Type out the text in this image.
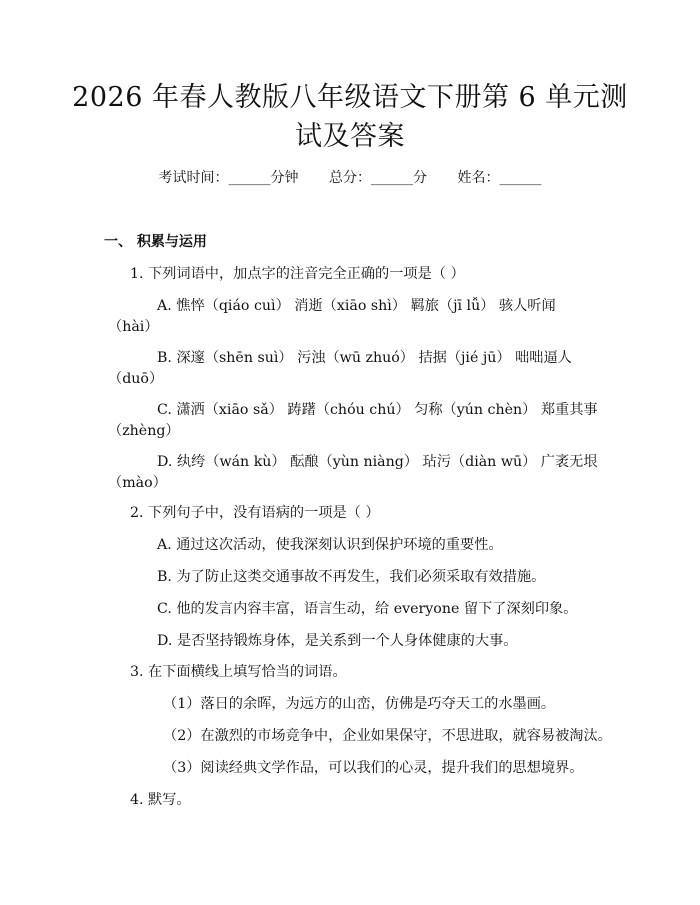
2026 年春人教版八年级语文下册第 6 单元测
试及答案
考试时间：______分钟 总分：______分 姓名：______
一、 积累与运用
1. 下列词语中，加点字的注音完全正确的一项是（ ）
A. 憔悴（qiáo cuì） 消逝（xiāo shì） 羁旅（jī lǚ） 骇人听闻
（hài）
B. 深邃（shēn suì） 污浊（wū zhuó） 拮据（jié jū） 咄咄逼人
（duō）
C. 潇洒（xiāo sǎ） 踌躇（chóu chú） 匀称（yún chèn） 郑重其事
（zhèng）
D. 纨绔（wán kù） 酝酿（yùn niàng） 玷污（diàn wū） 广袤无垠
（mào）
2. 下列句子中，没有语病的一项是（ ）
A. 通过这次活动，使我深刻认识到保护环境的重要性。
B. 为了防止这类交通事故不再发生，我们必须采取有效措施。
C. 他的发言内容丰富，语言生动，给 everyone 留下了深刻印象。
D. 是否坚持锻炼身体，是关系到一个人身体健康的大事。
3. 在下面横线上填写恰当的词语。
（1）落日的余晖，为远方的山峦，仿佛是巧夺天工的水墨画。
（2）在激烈的市场竞争中，企业如果保守，不思进取，就容易被淘汰。
（3）阅读经典文学作品，可以我们的心灵，提升我们的思想境界。
4. 默写。
